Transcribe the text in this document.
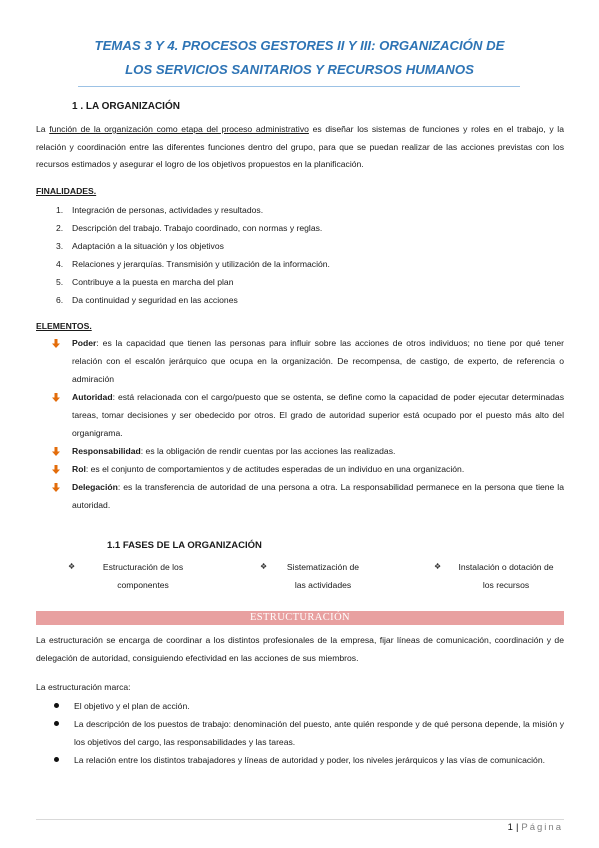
TEMAS 3 Y 4. PROCESOS GESTORES II Y III: ORGANIZACIÓN DE
LOS SERVICIOS SANITARIOS Y RECURSOS HUMANOS
1 . LA ORGANIZACIÓN
La función de la organización como etapa del proceso administrativo es diseñar los sistemas de funciones y roles en el trabajo, y la relación y coordinación entre las diferentes funciones dentro del grupo, para que se puedan realizar de las acciones previstas con los recursos estimados y asegurar el logro de los objetivos propuestos en la planificación.
FINALIDADES.
1. Integración de personas, actividades y resultados.
2. Descripción del trabajo. Trabajo coordinado, con normas y reglas.
3. Adaptación a la situación y los objetivos
4. Relaciones y jerarquías. Transmisión y utilización de la información.
5. Contribuye a la puesta en marcha del plan
6. Da continuidad y seguridad en las acciones
ELEMENTOS.
Poder: es la capacidad que tienen las personas para influir sobre las acciones de otros individuos; no tiene por qué tener relación con el escalón jerárquico que ocupa en la organización. De recompensa, de castigo, de experto, de referencia o admiración
Autoridad: está relacionada con el cargo/puesto que se ostenta, se define como la capacidad de poder ejecutar determinadas tareas, tomar decisiones y ser obedecido por otros. El grado de autoridad superior está ocupado por el puesto más alto del organigrama.
Responsabilidad: es la obligación de rendir cuentas por las acciones las realizadas.
Rol: es el conjunto de comportamientos y de actitudes esperadas de un individuo en una organización.
Delegación: es la transferencia de autoridad de una persona a otra. La responsabilidad permanece en la persona que tiene la autoridad.
1.1 FASES DE LA ORGANIZACIÓN
❖	Estructuración de los
componentes
❖	Sistematización de
las actividades
❖	Instalación o dotación de
los recursos
ESTRUCTURACIÓN
La estructuración se encarga de coordinar a los distintos profesionales de la empresa, fijar líneas de comunicación, coordinación y de delegación de autoridad, consiguiendo efectividad en las acciones de sus miembros.
La estructuración marca:
El objetivo y el plan de acción.
La descripción de los puestos de trabajo: denominación del puesto, ante quién responde y de qué persona depende, la misión y los objetivos del cargo, las responsabilidades y las tareas.
La relación entre los distintos trabajadores y líneas de autoridad y poder, los niveles jerárquicos y las vías de comunicación.
1 | Página
